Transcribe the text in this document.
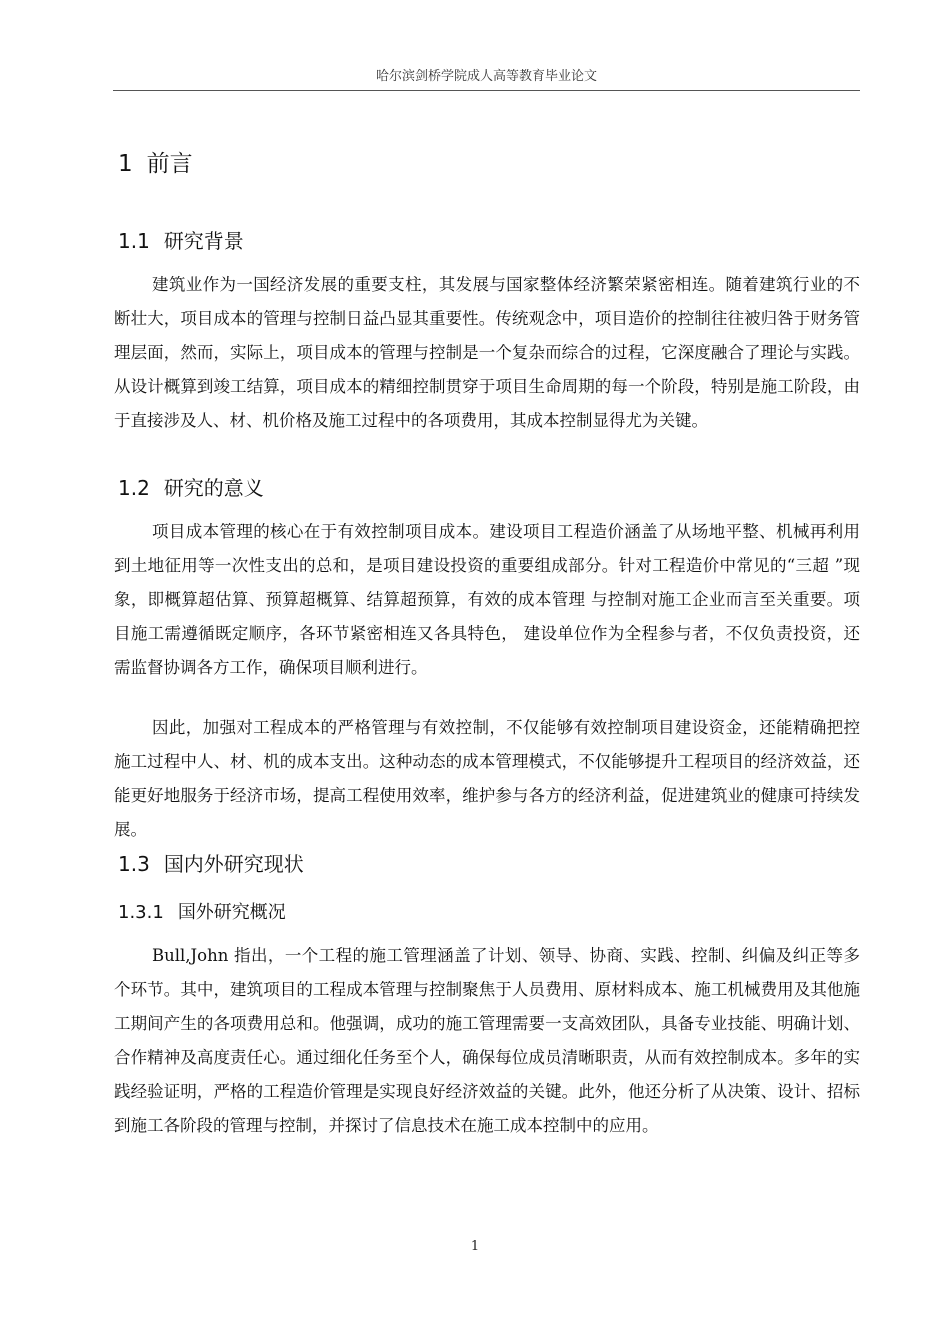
哈尔滨剑桥学院成人高等教育毕业论文
1 前言
1.1 研究背景

建筑业作为一国经济发展的重要支柱，其发展与国家整体经济繁荣紧密相连。随着建筑行业的不断壮大，项目成本的管理与控制日益凸显其重要性。传统观念中，项目造价的控制往往被归咎于财务管理层面，然而，实际上，项目成本的管理与控制是一个复杂而综合的过程，它深度融合了理论与实践。从设计概算到竣工结算，项目成本的精细控制贯穿于项目生命周期的每一个阶段，特别是施工阶段，由于直接涉及人、材、机价格及施工过程中的各项费用，其成本控制显得尤为关键。

1.2 研究的意义

项目成本管理的核心在于有效控制项目成本。建设项目工程造价涵盖了从场地平整、机械再利用到土地征用等一次性支出的总和，是项目建设投资的重要组成部分。针对工程造价中常见的“三超 ”现象，即概算超估算、预算超概算、结算超预算，有效的成本管理 与控制对施工企业而言至关重要。项目施工需遵循既定顺序，各环节紧密相连又各具特色， 建设单位作为全程参与者，不仅负责投资，还需监督协调各方工作，确保项目顺利进行。

因此，加强对工程成本的严格管理与有效控制，不仅能够有效控制项目建设资金，还能精确把控施工过程中人、材、机的成本支出。这种动态的成本管理模式，不仅能够提升工程项目的经济效益，还能更好地服务于经济市场，提高工程使用效率，维护参与各方的经济利益，促进建筑业的健康可持续发展。

1.3 国内外研究现状
1.3.1 国外研究概况

Bull,John 指出，一个工程的施工管理涵盖了计划、领导、协商、实践、控制、纠偏及纠正等多个环节。其中，建筑项目的工程成本管理与控制聚焦于人员费用、原材料成本、施工机械费用及其他施工期间产生的各项费用总和。他强调，成功的施工管理需要一支高效团队，具备专业技能、明确计划、合作精神及高度责任心。通过细化任务至个人，确保每位成员清晰职责，从而有效控制成本。多年的实践经验证明，严格的工程造价管理是实现良好经济效益的关键。此外，他还分析了从决策、设计、招标到施工各阶段的管理与控制，并探讨了信息技术在施工成本控制中的应用。

1
